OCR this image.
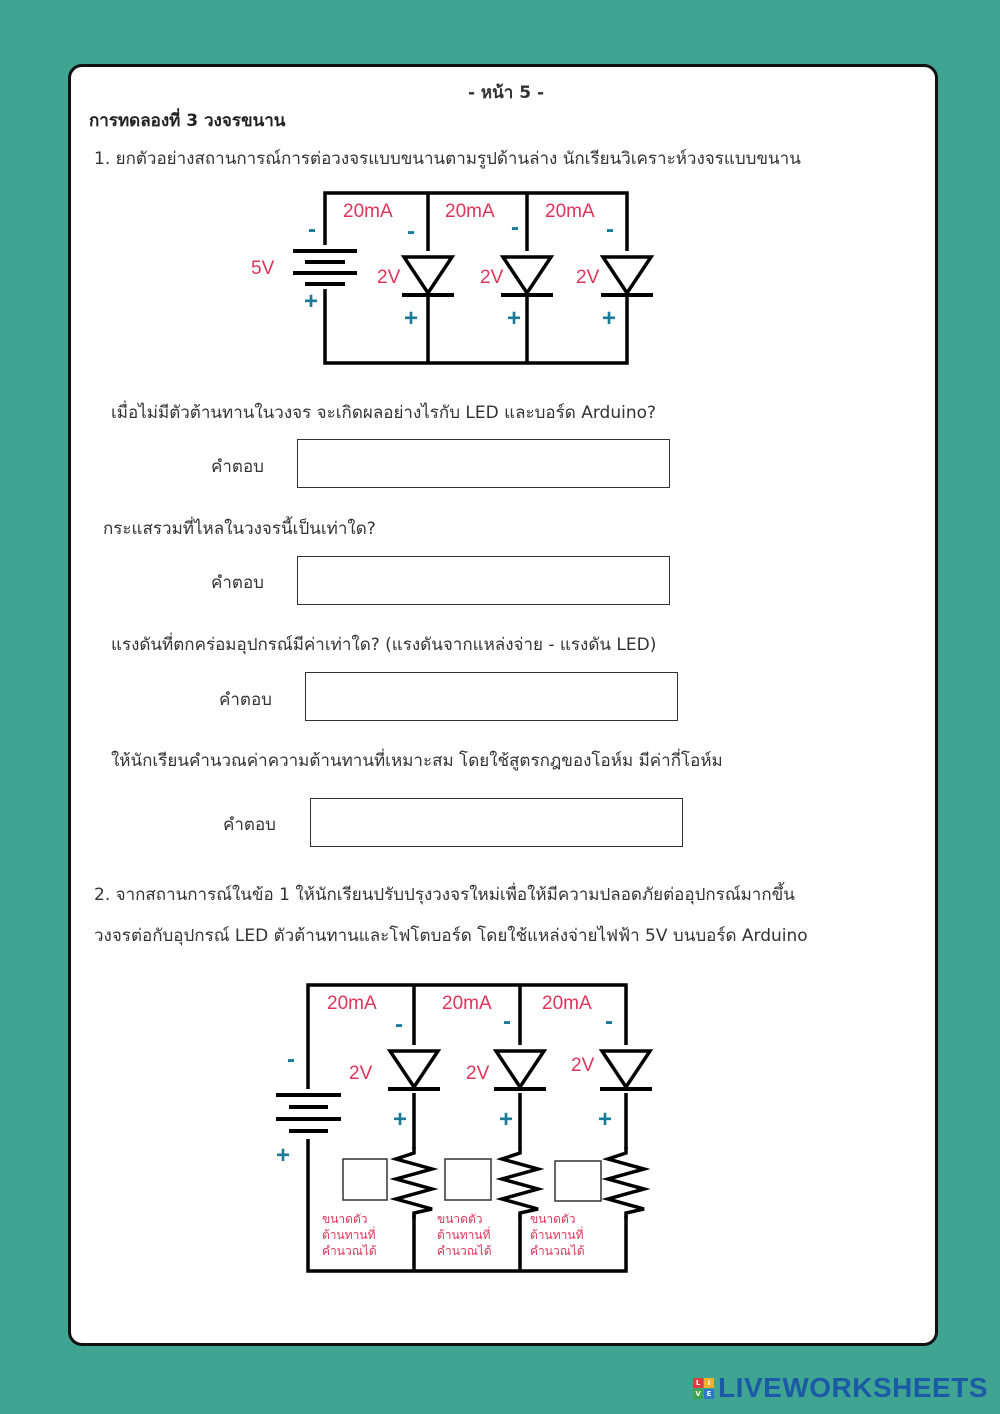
- หน้า 5 -
การทดลองที่ 3 วงจรขนาน
1. ยกตัวอย่างสถานการณ์การต่อวงจรแบบขนานตามรูปด้านล่าง นักเรียนวิเคราะห์วงจรแบบขนาน
20mA	20mA	20mA
5V	2V	2V	2V
-
+
-
+
-
+
-
+
เมื่อไม่มีตัวต้านทานในวงจร จะเกิดผลอย่างไรกับ LED และบอร์ด Arduino?
คำตอบ
กระแสรวมที่ไหลในวงจรนี้เป็นเท่าใด?
คำตอบ
แรงดันที่ตกคร่อมอุปกรณ์มีค่าเท่าใด? (แรงดันจากแหล่งจ่าย - แรงดัน LED)
คำตอบ
ให้นักเรียนคำนวณค่าความต้านทานที่เหมาะสม โดยใช้สูตรกฎของโอห์ม มีค่ากี่โอห์ม
คำตอบ
2. จากสถานการณ์ในข้อ 1 ให้นักเรียนปรับปรุงวงจรใหม่เพื่อให้มีความปลอดภัยต่ออุปกรณ์มากขึ้น
วงจรต่อกับอุปกรณ์ LED ตัวต้านทานและโฟโตบอร์ด โดยใช้แหล่งจ่ายไฟฟ้า 5V บนบอร์ด Arduino
20mA	20mA	20mA
2V	2V	2V
-
+
-
+
-
+
-
+
ขนาดตัว
ต้านทานที่
คำนวณได้
ขนาดตัว
ต้านทานที่
คำนวณได้
ขนาดตัว
ต้านทานที่
คำนวณได้
L	I
V E LIVEWORKSHEETS
